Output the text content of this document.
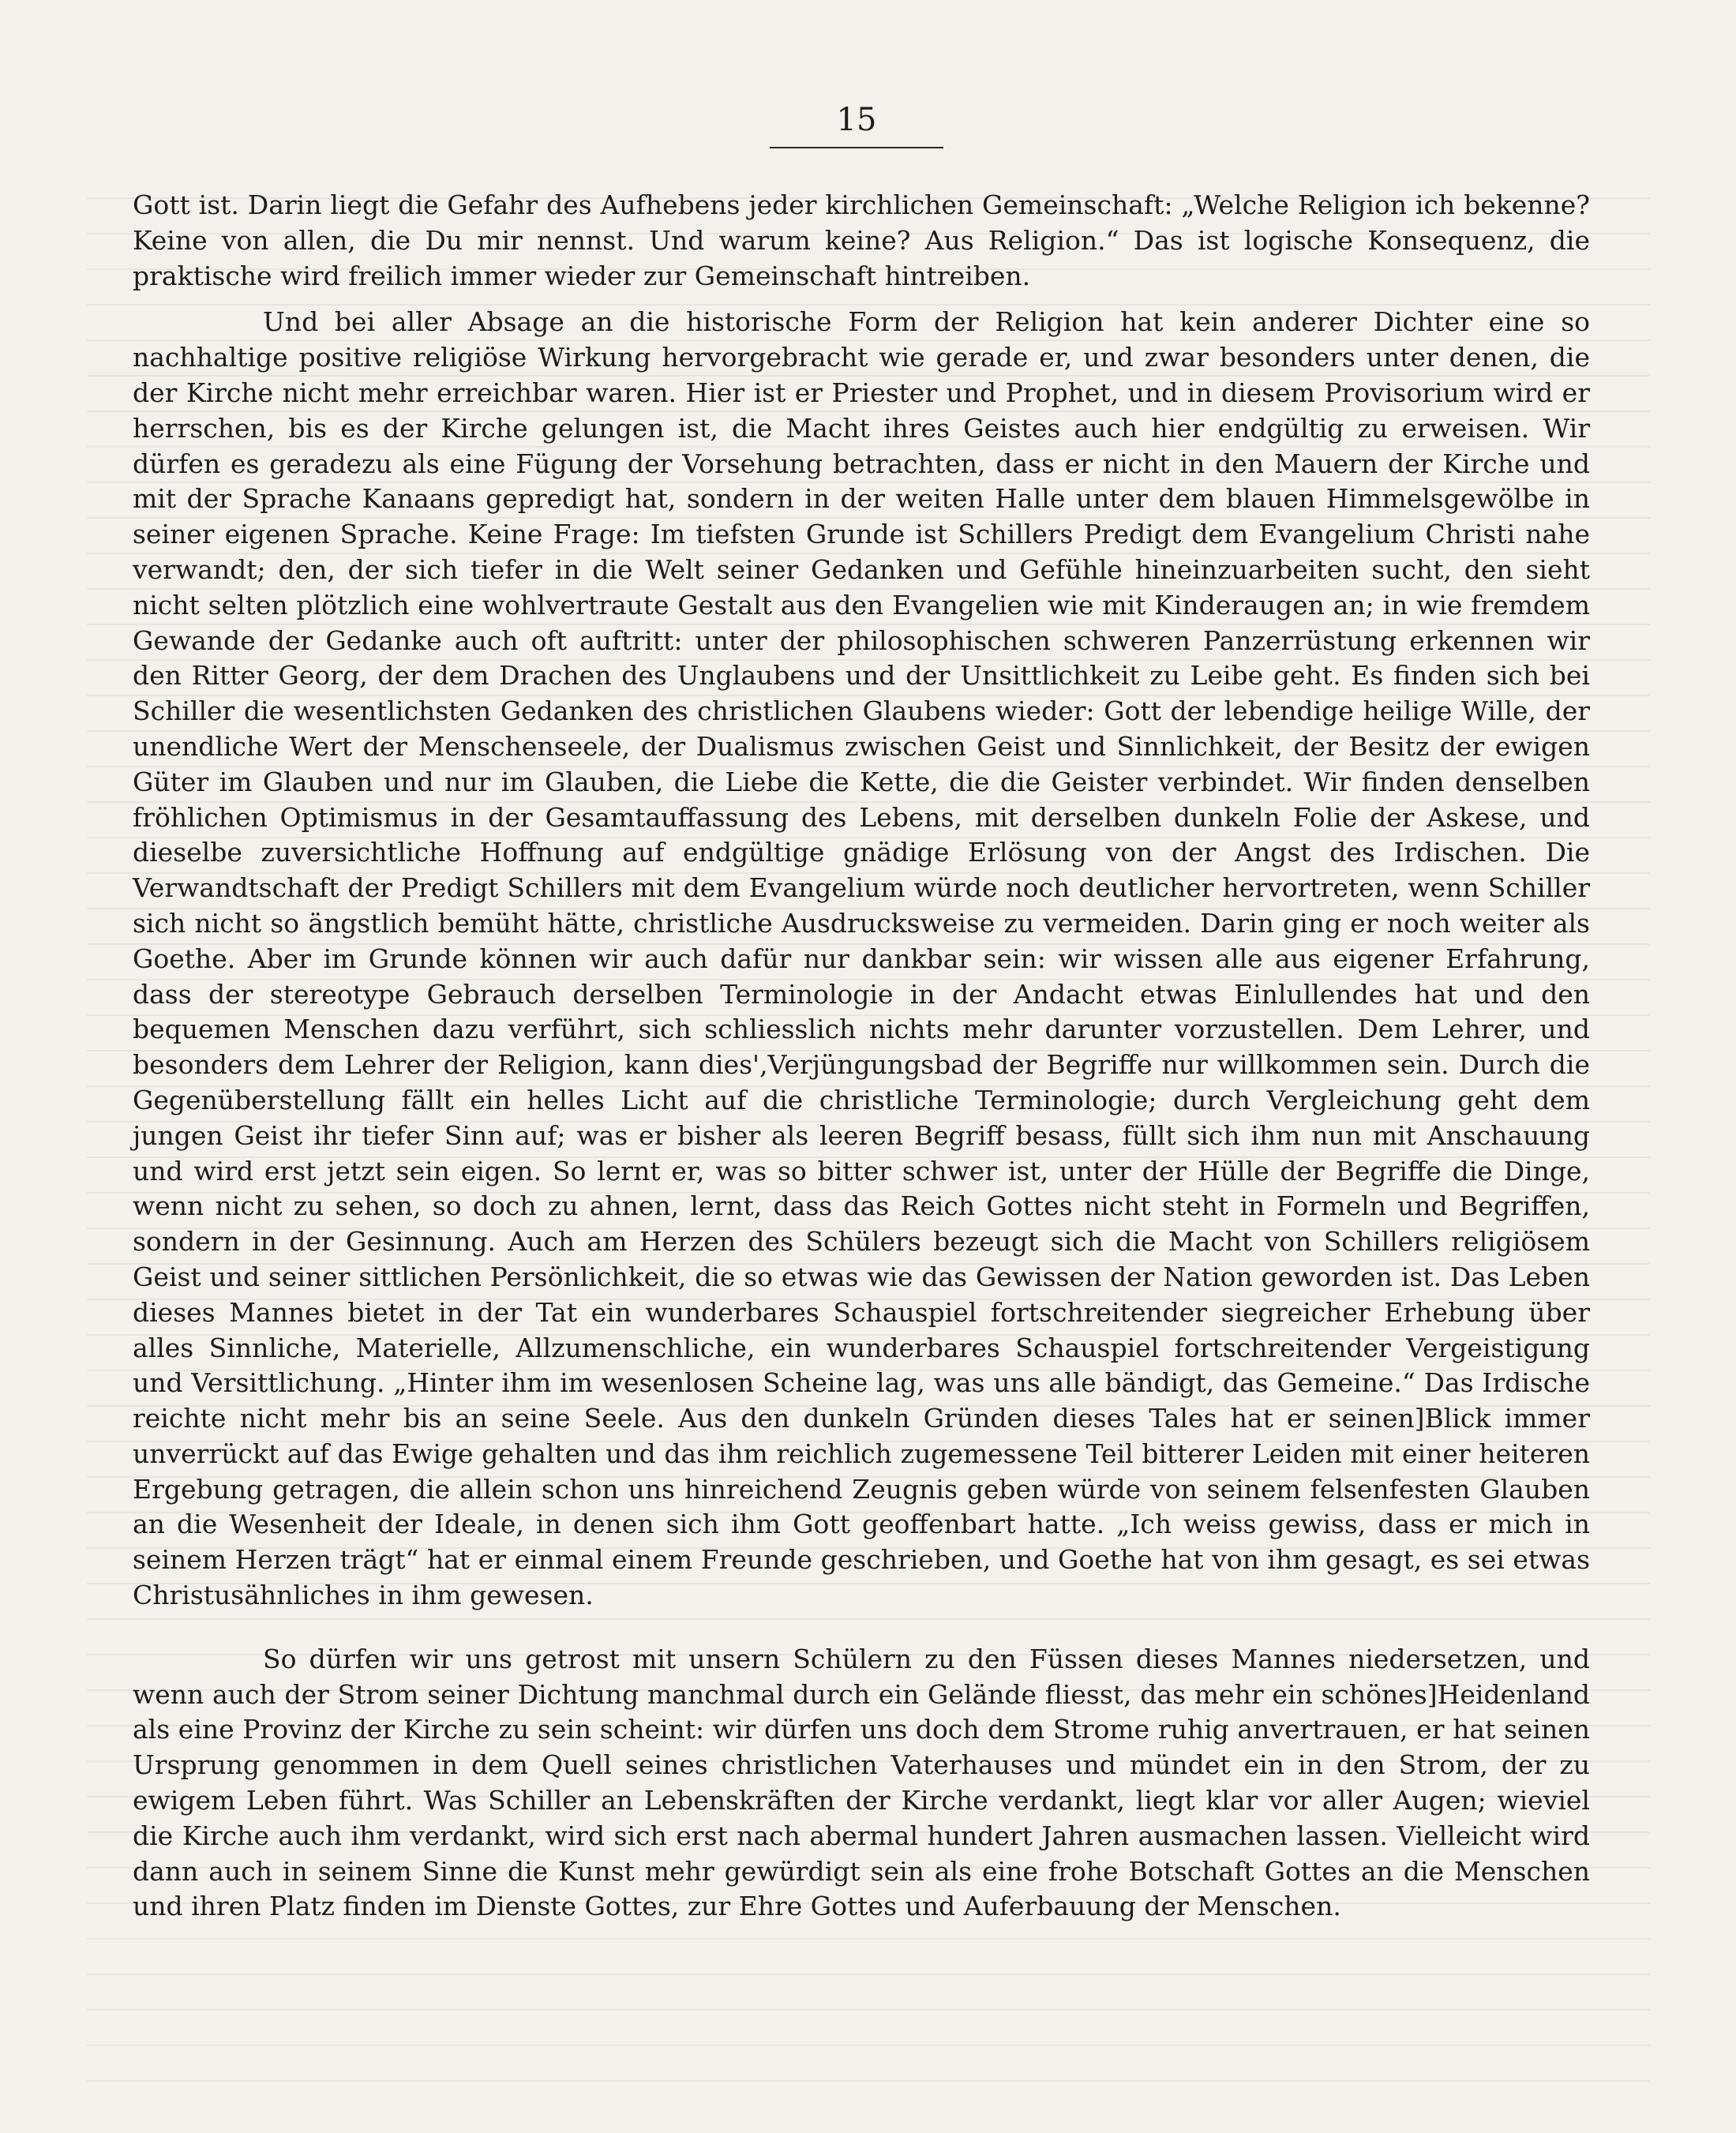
15

Gott ist. Darin liegt die Gefahr des Aufhebens jeder kirchlichen Gemeinschaft: „Welche Religion ich bekenne? Keine von allen, die Du mir nennst. Und warum keine? Aus Religion.“ Das ist logische Konsequenz, die praktische wird freilich immer wieder zur Gemeinschaft hintreiben.

Und bei aller Absage an die historische Form der Religion hat kein anderer Dichter eine so nachhaltige positive religiöse Wirkung hervorgebracht wie gerade er, und zwar besonders unter denen, die der Kirche nicht mehr erreichbar waren. Hier ist er Priester und Prophet, und in diesem Provisorium wird er herrschen, bis es der Kirche gelungen ist, die Macht ihres Geistes auch hier endgültig zu erweisen. Wir dürfen es geradezu als eine Fügung der Vorsehung betrachten, dass er nicht in den Mauern der Kirche und mit der Sprache Kanaans gepredigt hat, sondern in der weiten Halle unter dem blauen Himmelsgewölbe in seiner eigenen Sprache. Keine Frage: Im tiefsten Grunde ist Schillers Predigt dem Evangelium Christi nahe verwandt; den, der sich tiefer in die Welt seiner Gedanken und Gefühle hineinzuarbeiten sucht, den sieht nicht selten plötzlich eine wohlvertraute Gestalt aus den Evangelien wie mit Kinderaugen an; in wie fremdem Gewande der Gedanke auch oft auftritt: unter der philosophischen schweren Panzerrüstung erkennen wir den Ritter Georg, der dem Drachen des Unglaubens und der Unsittlichkeit zu Leibe geht. Es finden sich bei Schiller die wesentlichsten Gedanken des christlichen Glaubens wieder: Gott der lebendige heilige Wille, der unendliche Wert der Menschenseele, der Dualismus zwischen Geist und Sinnlichkeit, der Besitz der ewigen Güter im Glauben und nur im Glauben, die Liebe die Kette, die die Geister verbindet. Wir finden denselben fröhlichen Optimismus in der Gesamtauffassung des Lebens, mit derselben dunkeln Folie der Askese, und dieselbe zuversichtliche Hoffnung auf endgültige gnädige Erlösung von der Angst des Irdischen. Die Verwandtschaft der Predigt Schillers mit dem Evangelium würde noch deutlicher hervortreten, wenn Schiller sich nicht so ängstlich bemüht hätte, christliche Ausdrucksweise zu vermeiden. Darin ging er noch weiter als Goethe. Aber im Grunde können wir auch dafür nur dankbar sein: wir wissen alle aus eigener Erfahrung, dass der stereotype Gebrauch derselben Terminologie in der Andacht etwas Einlullendes hat und den bequemen Menschen dazu verführt, sich schliesslich nichts mehr darunter vorzustellen. Dem Lehrer, und besonders dem Lehrer der Religion, kann dies',Verjüngungsbad der Begriffe nur willkommen sein. Durch die Gegenüberstellung fällt ein helles Licht auf die christliche Terminologie; durch Vergleichung geht dem jungen Geist ihr tiefer Sinn auf; was er bisher als leeren Begriff besass, füllt sich ihm nun mit Anschauung und wird erst jetzt sein eigen. So lernt er, was so bitter schwer ist, unter der Hülle der Begriffe die Dinge, wenn nicht zu sehen, so doch zu ahnen, lernt, dass das Reich Gottes nicht steht in Formeln und Begriffen, sondern in der Gesinnung. Auch am Herzen des Schülers bezeugt sich die Macht von Schillers religiösem Geist und seiner sittlichen Persönlichkeit, die so etwas wie das Gewissen der Nation geworden ist. Das Leben dieses Mannes bietet in der Tat ein wunderbares Schauspiel fortschreitender siegreicher Erhebung über alles Sinnliche, Materielle, Allzumenschliche, ein wunderbares Schauspiel fortschreitender Vergeistigung und Versittlichung. „Hinter ihm im wesenlosen Scheine lag, was uns alle bändigt, das Gemeine.“ Das Irdische reichte nicht mehr bis an seine Seele. Aus den dunkeln Gründen dieses Tales hat er seinen]Blick immer unverrückt auf das Ewige gehalten und das ihm reichlich zugemessene Teil bitterer Leiden mit einer heiteren Ergebung getragen, die allein schon uns hinreichend Zeugnis geben würde von seinem felsenfesten Glauben an die Wesenheit der Ideale, in denen sich ihm Gott geoffenbart hatte. „Ich weiss gewiss, dass er mich in seinem Herzen trägt“ hat er einmal einem Freunde geschrieben, und Goethe hat von ihm gesagt, es sei etwas Christusähnliches in ihm gewesen.

So dürfen wir uns getrost mit unsern Schülern zu den Füssen dieses Mannes niedersetzen, und wenn auch der Strom seiner Dichtung manchmal durch ein Gelände fliesst, das mehr ein schönes]Heidenland als eine Provinz der Kirche zu sein scheint: wir dürfen uns doch dem Strome ruhig anvertrauen, er hat seinen Ursprung genommen in dem Quell seines christlichen Vaterhauses und mündet ein in den Strom, der zu ewigem Leben führt. Was Schiller an Lebenskräften der Kirche verdankt, liegt klar vor aller Augen; wieviel die Kirche auch ihm verdankt, wird sich erst nach abermal hundert Jahren ausmachen lassen. Vielleicht wird dann auch in seinem Sinne die Kunst mehr gewürdigt sein als eine frohe Botschaft Gottes an die Menschen und ihren Platz finden im Dienste Gottes, zur Ehre Gottes und Auferbauung der Menschen.
